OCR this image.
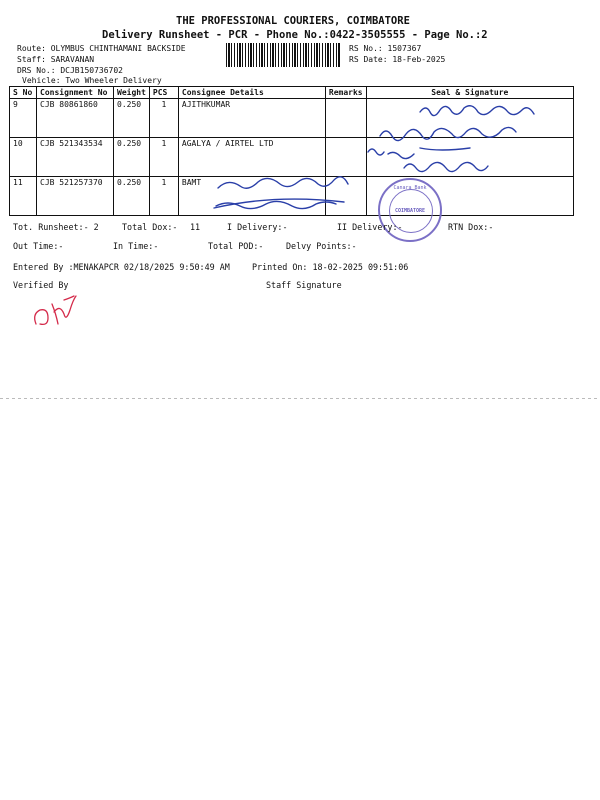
THE PROFESSIONAL COURIERS, COIMBATORE
Delivery Runsheet - PCR - Phone No.:0422-3505555 - Page No.:2
Route: OLYMBUS CHINTHAMANI BACKSIDE
Staff: SARAVANAN
DRS No.: DCJB150736702
Vehicle: Two Wheeler Delivery
RS No.: 1507367
RS Date: 18-Feb-2025
S No	Consignment No	Weight	PCS	Consignee Details	Remarks	Seal & Signature
9	CJB 80861860	0.250	1	AJITHKUMAR		
10	CJB 521343534	0.250	1	AGALYA / AIRTEL LTD		
11	CJB 521257370	0.250	1	BAMT		
Canara Bank
COIMBATORE
Tot. Runsheet:- 2	Total Dox:- 11	I Delivery:-	II Delivery:-	RTN Dox:-
Out Time:-	In Time:-	Total POD:-	Delvy Points:-
Entered By :MENAKAPCR 02/18/2025 9:50:49 AM	Printed On: 18-02-2025 09:51:06
Verified By	Staff Signature
